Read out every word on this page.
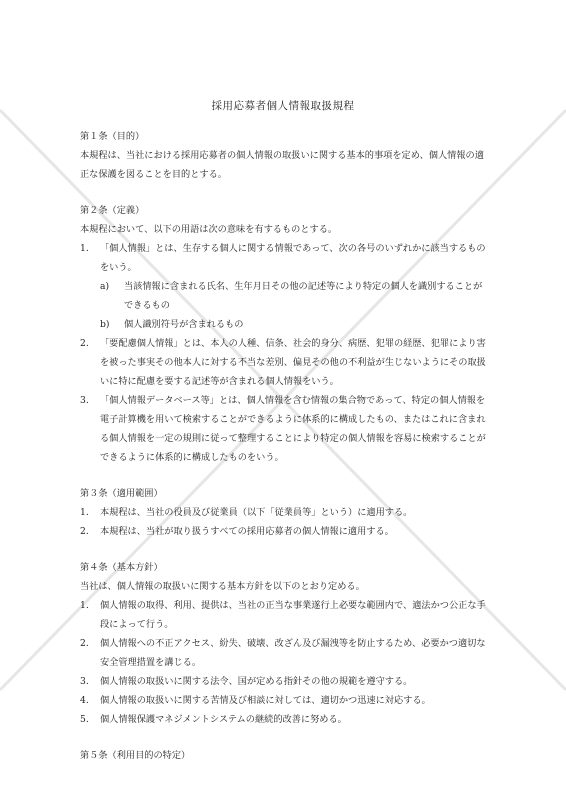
採用応募者個人情報取扱規程
第１条（目的）

本規程は、当社における採用応募者の個人情報の取扱いに関する基本的事項を定め、個人情報の適正な保護を図ることを目的とする。

第２条（定義）

本規程において、以下の用語は次の意味を有するものとする。

1.	「個人情報」とは、生存する個人に関する情報であって、次の各号のいずれかに該当するものをいう。
a) 当該情報に含まれる氏名、生年月日その他の記述等により特定の個人を識別することができるもの
b) 個人識別符号が含まれるもの
2.	「要配慮個人情報」とは、本人の人種、信条、社会的身分、病歴、犯罪の経歴、犯罪により害を被った事実その他本人に対する不当な差別、偏見その他の不利益が生じないようにその取扱いに特に配慮を要する記述等が含まれる個人情報をいう。
3.	「個人情報データベース等」とは、個人情報を含む情報の集合物であって、特定の個人情報を電子計算機を用いて検索することができるように体系的に構成したもの、またはこれに含まれる個人情報を一定の規則に従って整理することにより特定の個人情報を容易に検索することができるように体系的に構成したものをいう。
第３条（適用範囲）
1.	本規程は、当社の役員及び従業員（以下「従業員等」という）に適用する。
2.	本規程は、当社が取り扱うすべての採用応募者の個人情報に適用する。
第４条（基本方針）

当社は、個人情報の取扱いに関する基本方針を以下のとおり定める。

1.	個人情報の取得、利用、提供は、当社の正当な事業遂行上必要な範囲内で、適法かつ公正な手段によって行う。
2.	個人情報への不正アクセス、紛失、破壊、改ざん及び漏洩等を防止するため、必要かつ適切な安全管理措置を講じる。
3.	個人情報の取扱いに関する法令、国が定める指針その他の規範を遵守する。
4.	個人情報の取扱いに関する苦情及び相談に対しては、適切かつ迅速に対応する。
5.	個人情報保護マネジメントシステムの継続的改善に努める。
第５条（利用目的の特定）
